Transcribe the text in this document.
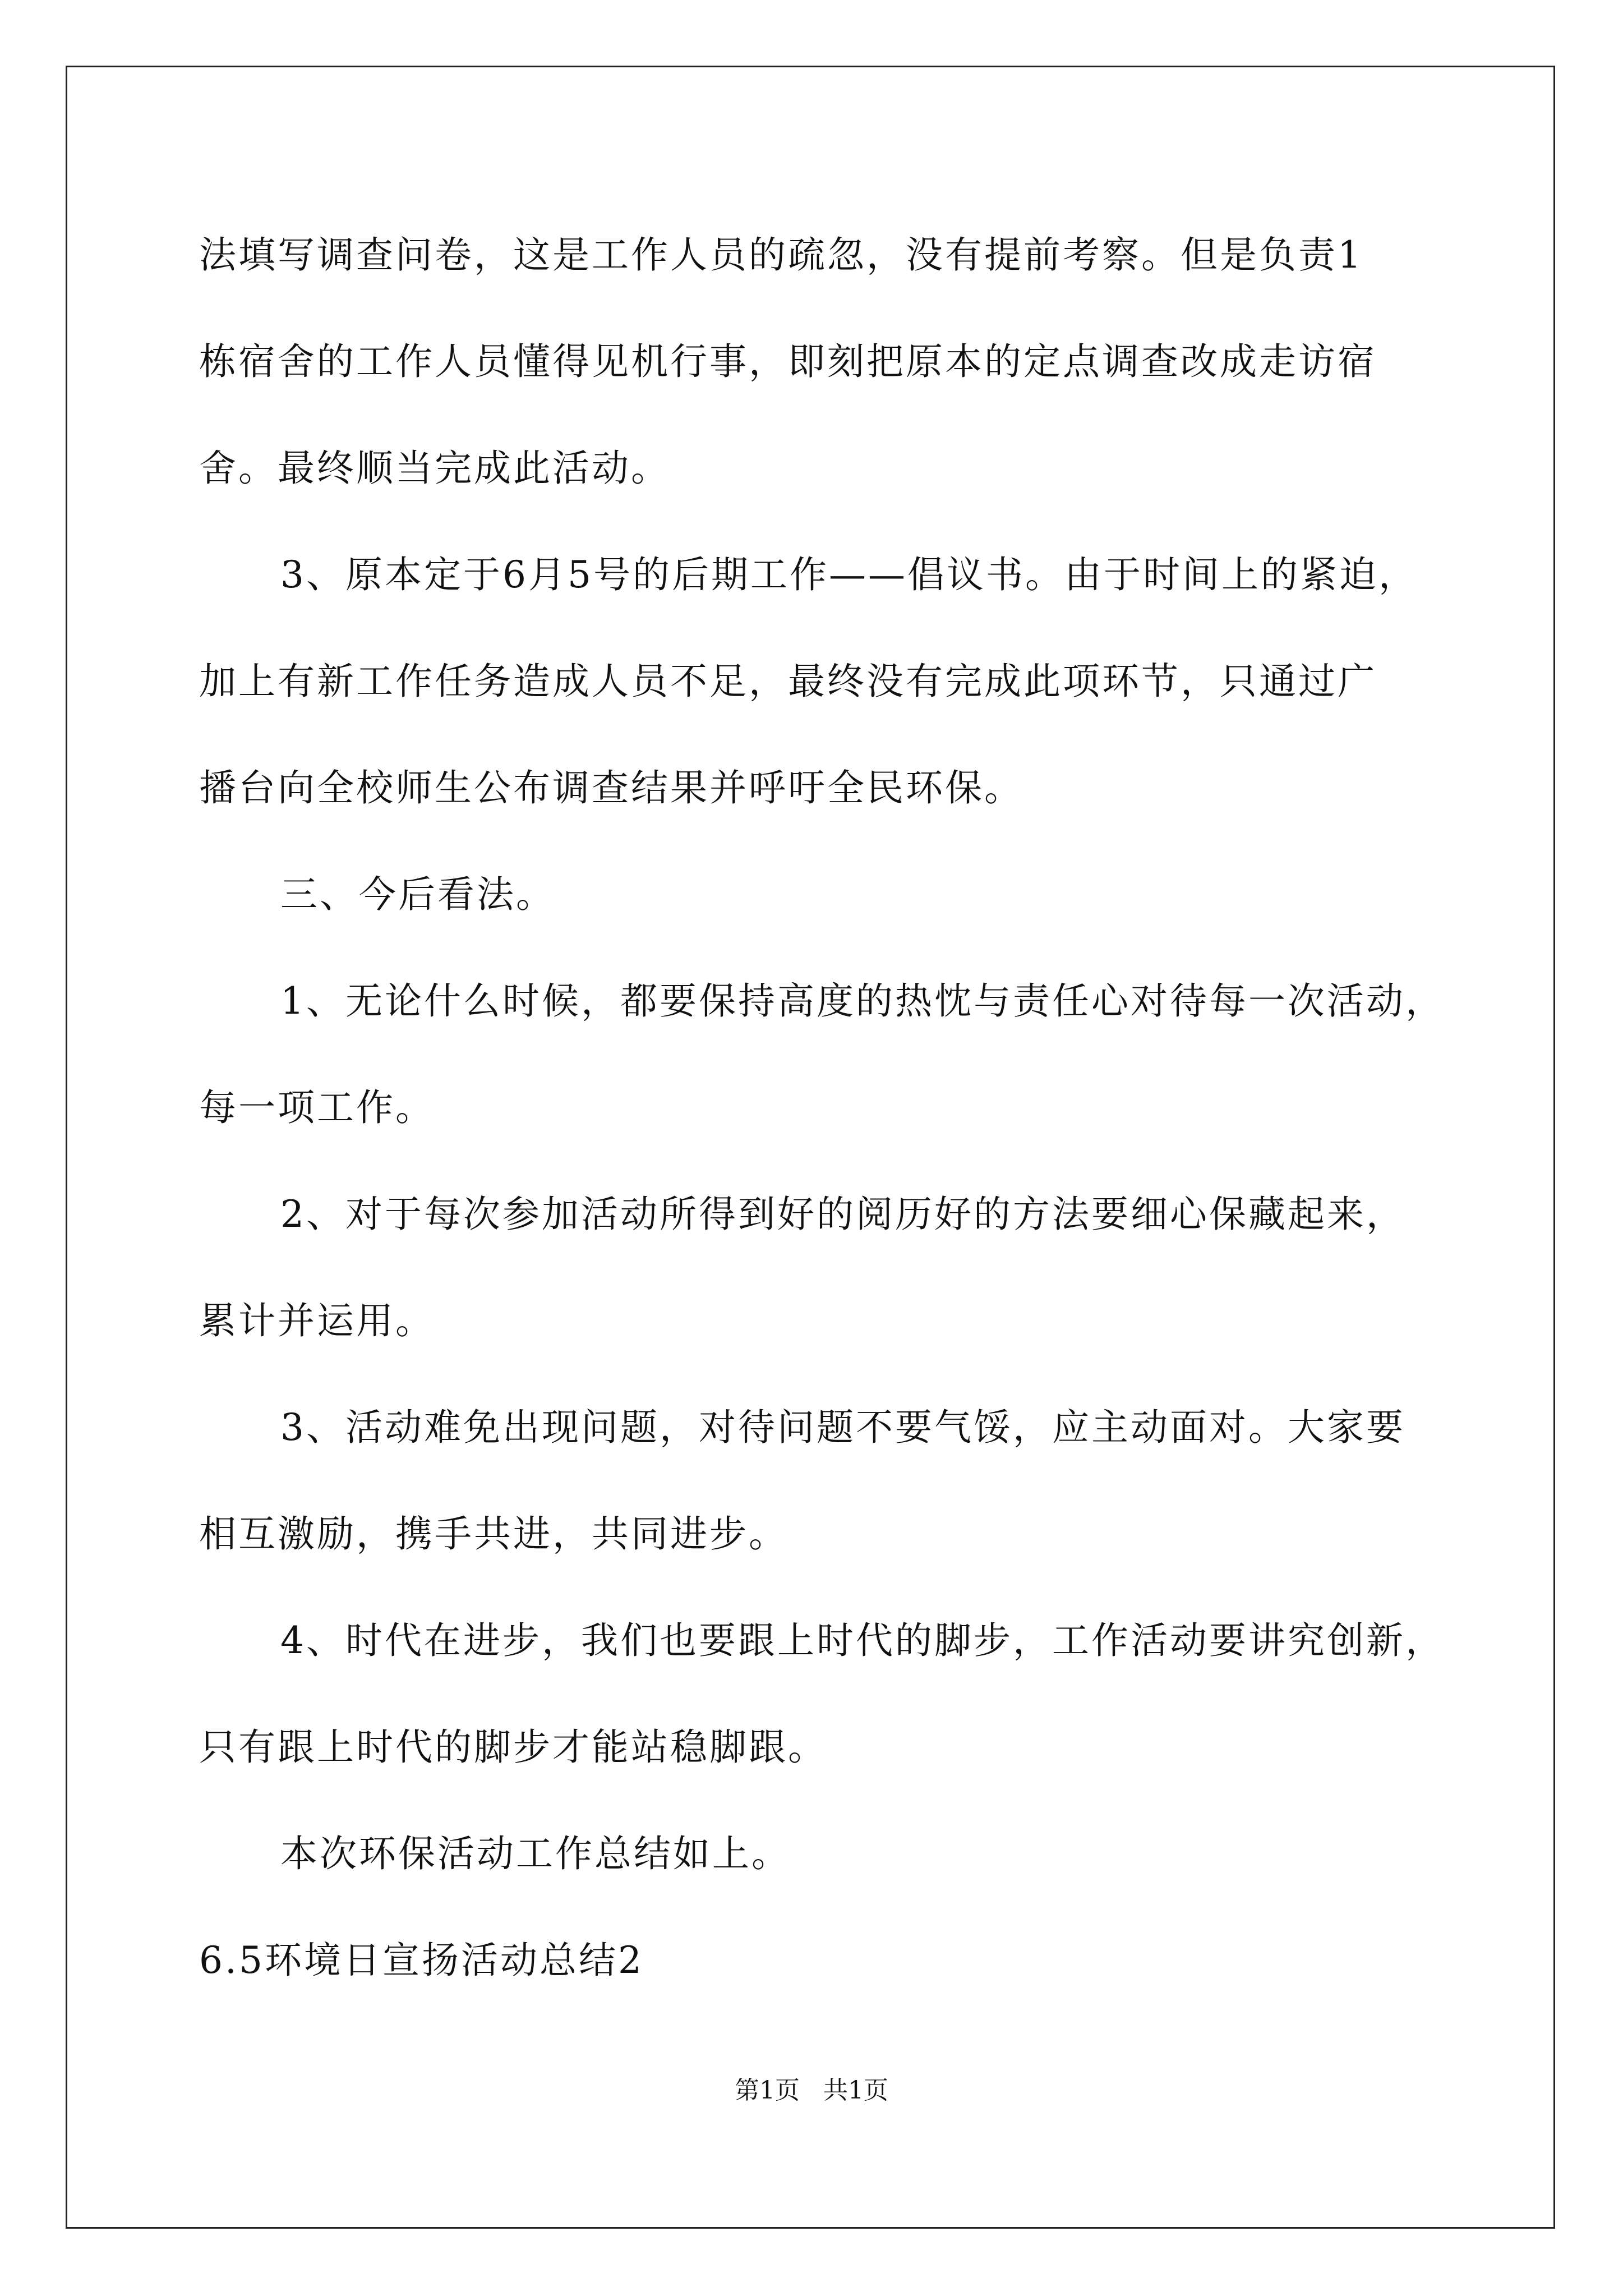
法填写调查问卷，这是工作人员的疏忽，没有提前考察。但是负责1
栋宿舍的工作人员懂得见机行事，即刻把原本的定点调查改成走访宿
舍。最终顺当完成此活动。
3、原本定于6月5号的后期工作——倡议书。由于时间上的紧迫，
加上有新工作任务造成人员不足，最终没有完成此项环节，只通过广
播台向全校师生公布调查结果并呼吁全民环保。
三、今后看法。
1、无论什么时候，都要保持高度的热忱与责任心对待每一次活动，
每一项工作。
2、对于每次参加活动所得到好的阅历好的方法要细心保藏起来，
累计并运用。
3、活动难免出现问题，对待问题不要气馁，应主动面对。大家要
相互激励，携手共进，共同进步。
4、时代在进步，我们也要跟上时代的脚步，工作活动要讲究创新，
只有跟上时代的脚步才能站稳脚跟。
本次环保活动工作总结如上。
6.5环境日宣扬活动总结2
第1页   共1页
